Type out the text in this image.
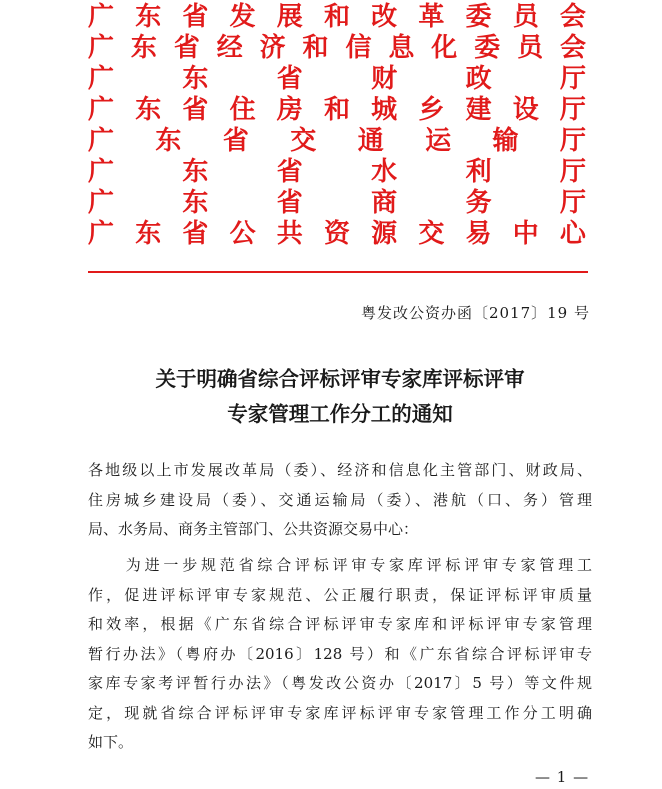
广 东 省 发 展 和 改 革 委 员 会
广 东 省 经 济 和 信 息 化 委 员 会
广	东	省	财	政	厅
广 东 省 住 房 和 城 乡 建 设 厅
广 东 省 交 通 运 输 厅
广	东	省	水	利	厅
广	东	省	商	务	厅
广 东 省 公 共 资 源 交 易 中 心
粤发改公资办函〔2017〕19 号
关于明确省综合评标评审专家库评标评审
专家管理工作分工的通知
各地级以上市发展改革局（委）、经济和信息化主管部门、财政局、
住房城乡建设局（委）、交通运输局（委）、港航（口、务）管理
局、水务局、商务主管部门、公共资源交易中心：
为进一步规范省综合评标评审专家库评标评审专家管理工
作，促进评标评审专家规范、公正履行职责，保证评标评审质量
和效率，根据《广东省综合评标评审专家库和评标评审专家管理
暂行办法》（粤府办〔2016〕128 号）和《广东省综合评标评审专
家库专家考评暂行办法》（粤发改公资办〔2017〕5 号）等文件规
定，现就省综合评标评审专家库评标评审专家管理工作分工明确
如下。
— 1 —
